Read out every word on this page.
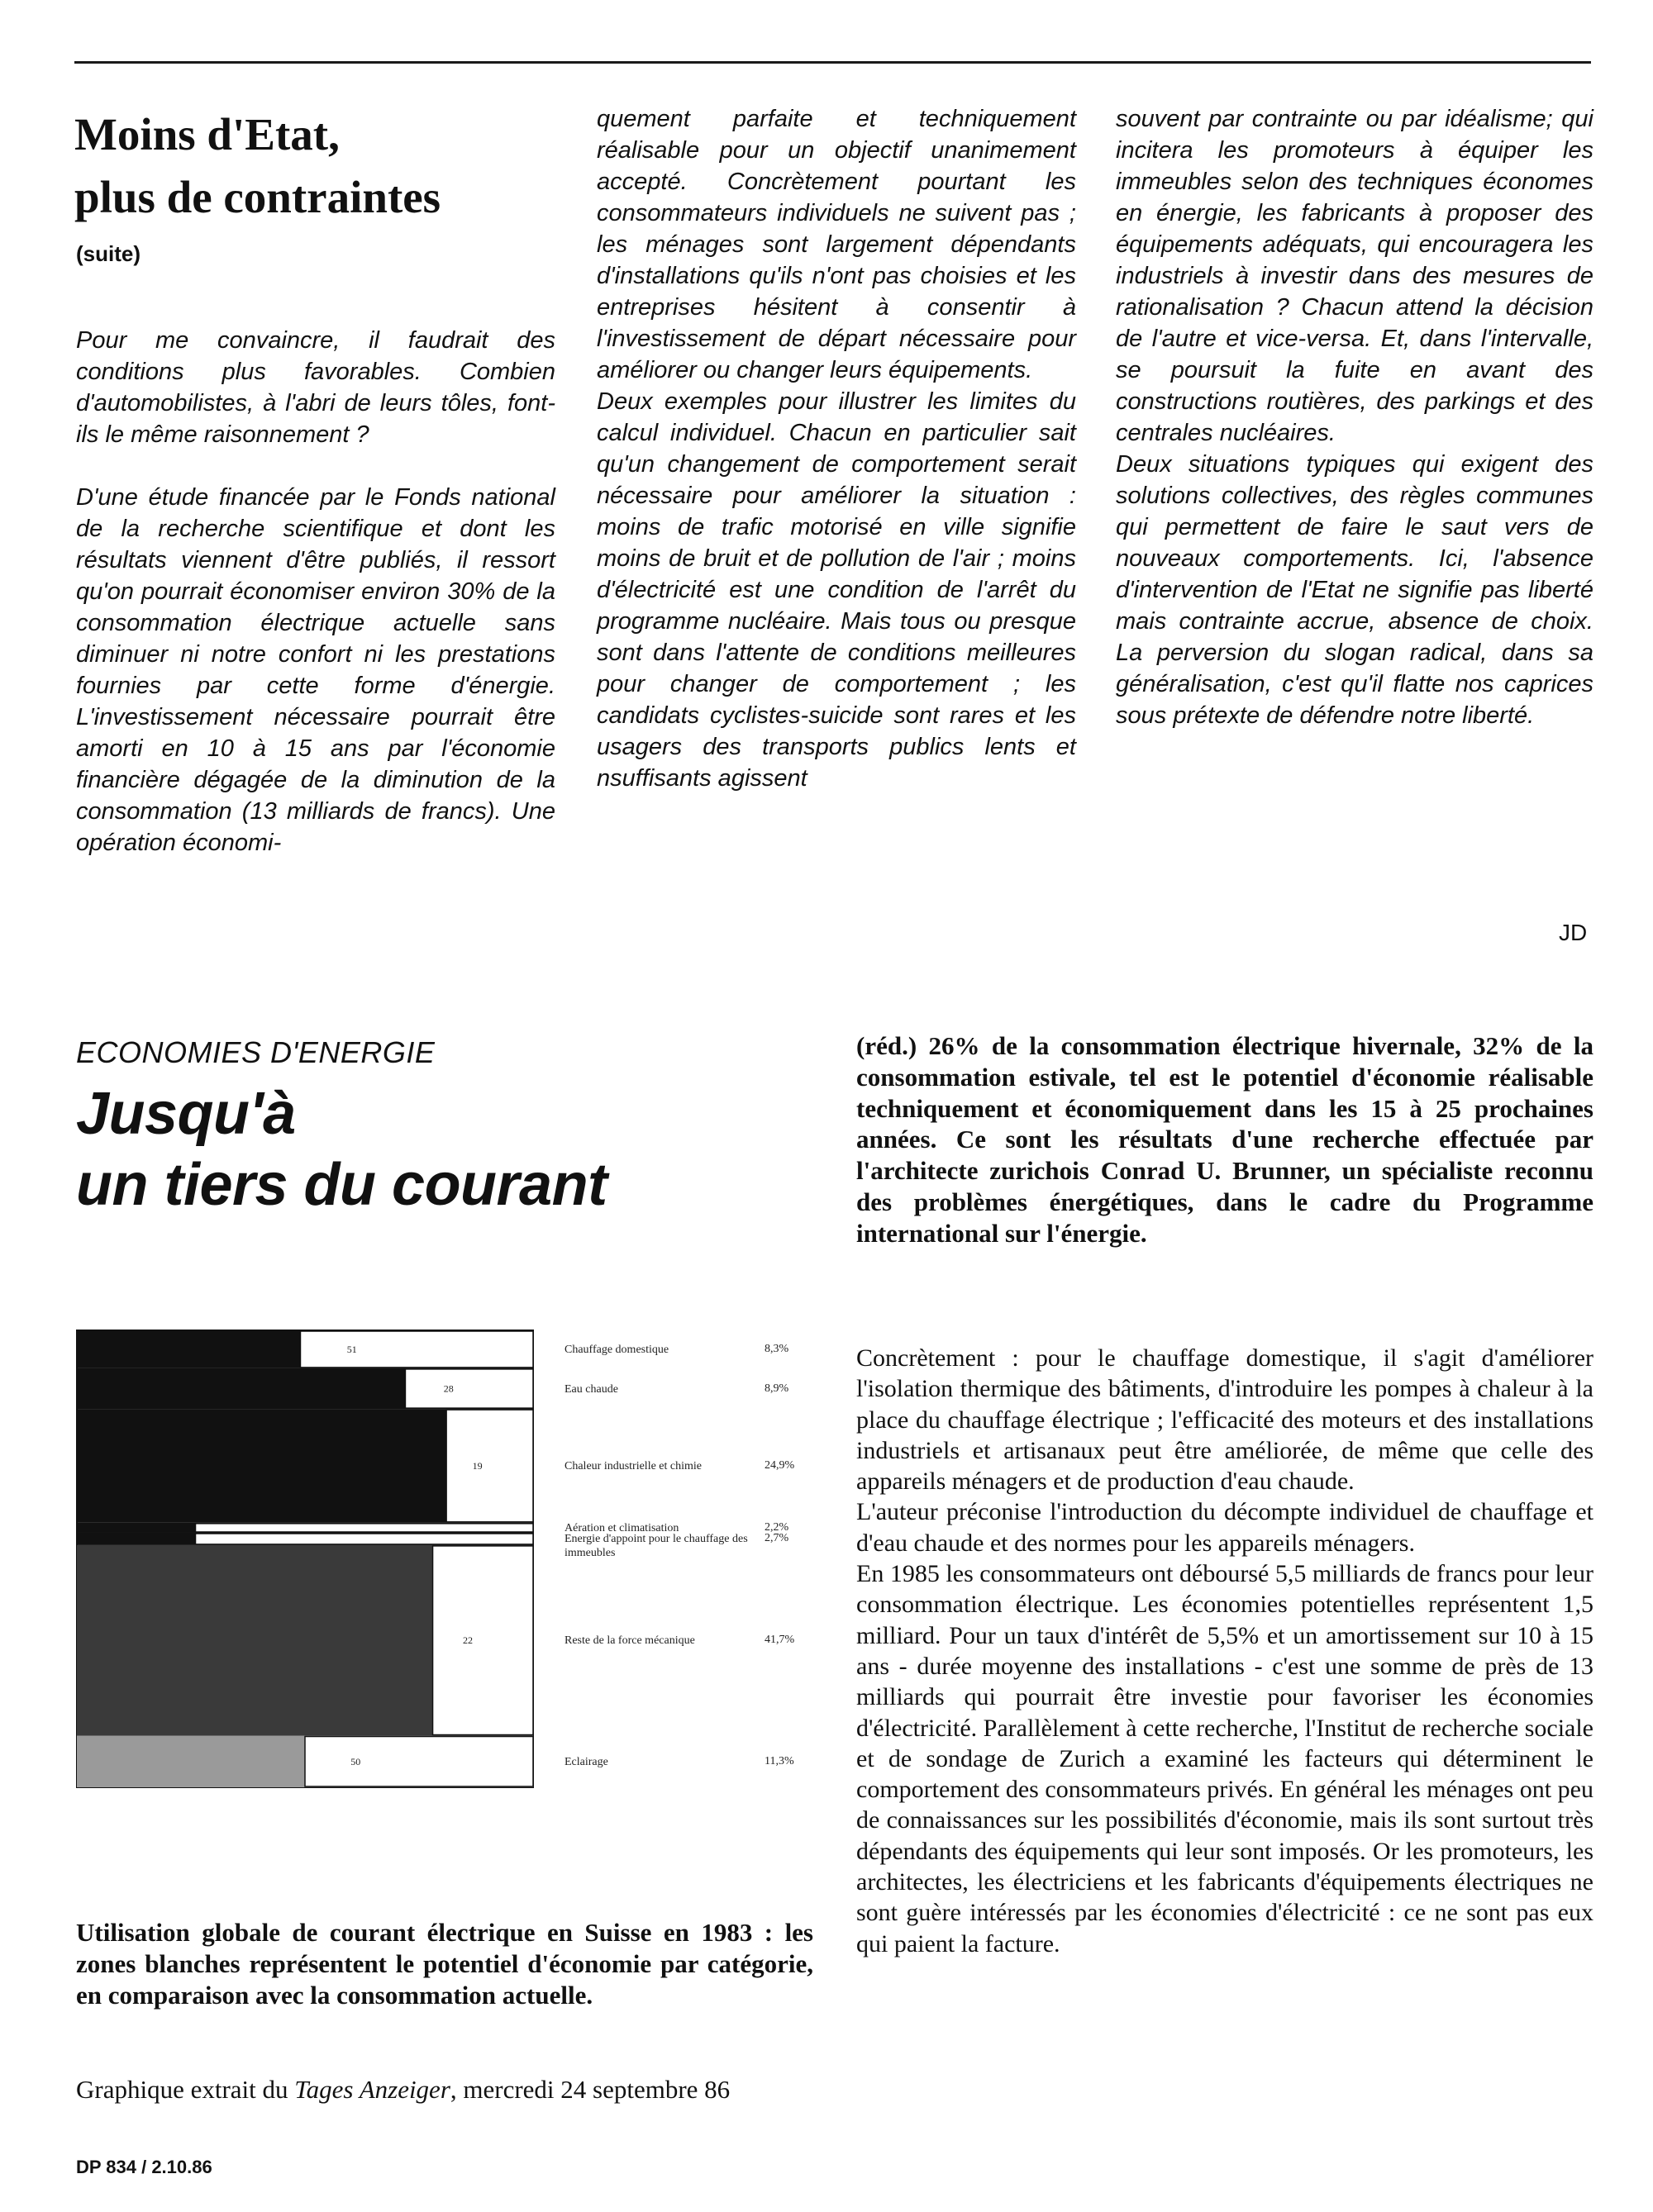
Moins d'Etat,
plus de contraintes
(suite)

Pour me convaincre, il faudrait des conditions plus favorables. Combien d'automobilistes, à l'abri de leurs tôles, font-ils le même raisonnement ?

D'une étude financée par le Fonds national de la recherche scientifique et dont les résultats viennent d'être publiés, il ressort qu'on pourrait économiser environ 30% de la consommation électrique actuelle sans diminuer ni notre confort ni les prestations fournies par cette forme d'énergie. L'investissement nécessaire pourrait être amorti en 10 à 15 ans par l'économie financière dégagée de la diminution de la consommation (13 milliards de francs). Une opération économi-

quement parfaite et techniquement réalisable pour un objectif unanimement accepté. Concrètement pourtant les consommateurs individuels ne suivent pas ; les ménages sont largement dépendants d'installations qu'ils n'ont pas choisies et les entreprises hésitent à consentir à l'investissement de départ nécessaire pour améliorer ou changer leurs équipements.

Deux exemples pour illustrer les limites du calcul individuel. Chacun en particulier sait qu'un changement de comportement serait nécessaire pour améliorer la situation : moins de trafic motorisé en ville signifie moins de bruit et de pollution de l'air ; moins d'électricité est une condition de l'arrêt du programme nucléaire. Mais tous ou presque sont dans l'attente de conditions meilleures pour changer de comportement ; les candidats cyclistes-suicide sont rares et les usagers des transports publics lents et nsuffisants agissent

souvent par contrainte ou par idéalisme; qui incitera les promoteurs à équiper les immeubles selon des techniques économes en énergie, les fabricants à proposer des équipements adéquats, qui encouragera les industriels à investir dans des mesures de rationalisation ? Chacun attend la décision de l'autre et vice-versa. Et, dans l'intervalle, se poursuit la fuite en avant des constructions routières, des parkings et des centrales nucléaires.

Deux situations typiques qui exigent des solutions collectives, des règles communes qui permettent de faire le saut vers de nouveaux comportements. Ici, l'absence d'intervention de l'Etat ne signifie pas liberté mais contrainte accrue, absence de choix. La perversion du slogan radical, dans sa généralisation, c'est qu'il flatte nos caprices sous prétexte de défendre notre liberté.

JD
ECONOMIES D'ENERGIE
Jusqu'à
un tiers du courant

(réd.) 26% de la consommation électrique hivernale, 32% de la consommation estivale, tel est le potentiel d'économie réalisable techniquement et économiquement dans les 15 à 25 prochaines années. Ce sont les résultats d'une recherche effectuée par l'architecte zurichois Conrad U. Brunner, un spécialiste reconnu des problèmes énergétiques, dans le cadre du Programme international sur l'énergie.

Concrètement : pour le chauffage domestique, il s'agit d'améliorer l'isolation thermique des bâtiments, d'introduire les pompes à chaleur à la place du chauffage électrique ; l'efficacité des moteurs et des installations industriels et artisanaux peut être améliorée, de même que celle des appareils ménagers et de production d'eau chaude.

L'auteur préconise l'introduction du décompte individuel de chauffage et d'eau chaude et des normes pour les appareils ménagers.

En 1985 les consommateurs ont déboursé 5,5 milliards de francs pour leur consommation électrique. Les économies potentielles représentent 1,5 milliard. Pour un taux d'intérêt de 5,5% et un amortissement sur 10 à 15 ans - durée moyenne des installations - c'est une somme de près de 13 milliards qui pourrait être investie pour favoriser les économies d'électricité. Parallèlement à cette recherche, l'Institut de recherche sociale et de sondage de Zurich a examiné les facteurs qui déterminent le comportement des consommateurs privés. En général les ménages ont peu de connaissances sur les possibilités d'économie, mais ils sont surtout très dépendants des équipements qui leur sont imposés. Or les promoteurs, les architectes, les électriciens et les fabricants d'équipements électriques ne sont guère intéressés par les économies d'électricité : ce ne sont pas eux qui paient la facture.

51
28
19
22
50
Chauffage domestique	8,3%
Eau chaude	8,9%
Chaleur industrielle et chimie	24,9%
Aération et climatisation	2,2%
Energie d'appoint pour le chauffage des immeubles
2,7%
Reste de la force mécanique	41,7%
Eclairage	11,3%

Utilisation globale de courant électrique en Suisse en 1983 : les zones blanches représentent le potentiel d'économie par catégorie, en comparaison avec la consommation actuelle.

Graphique extrait du Tages Anzeiger, mercredi 24 septembre 86

DP 834 / 2.10.86
